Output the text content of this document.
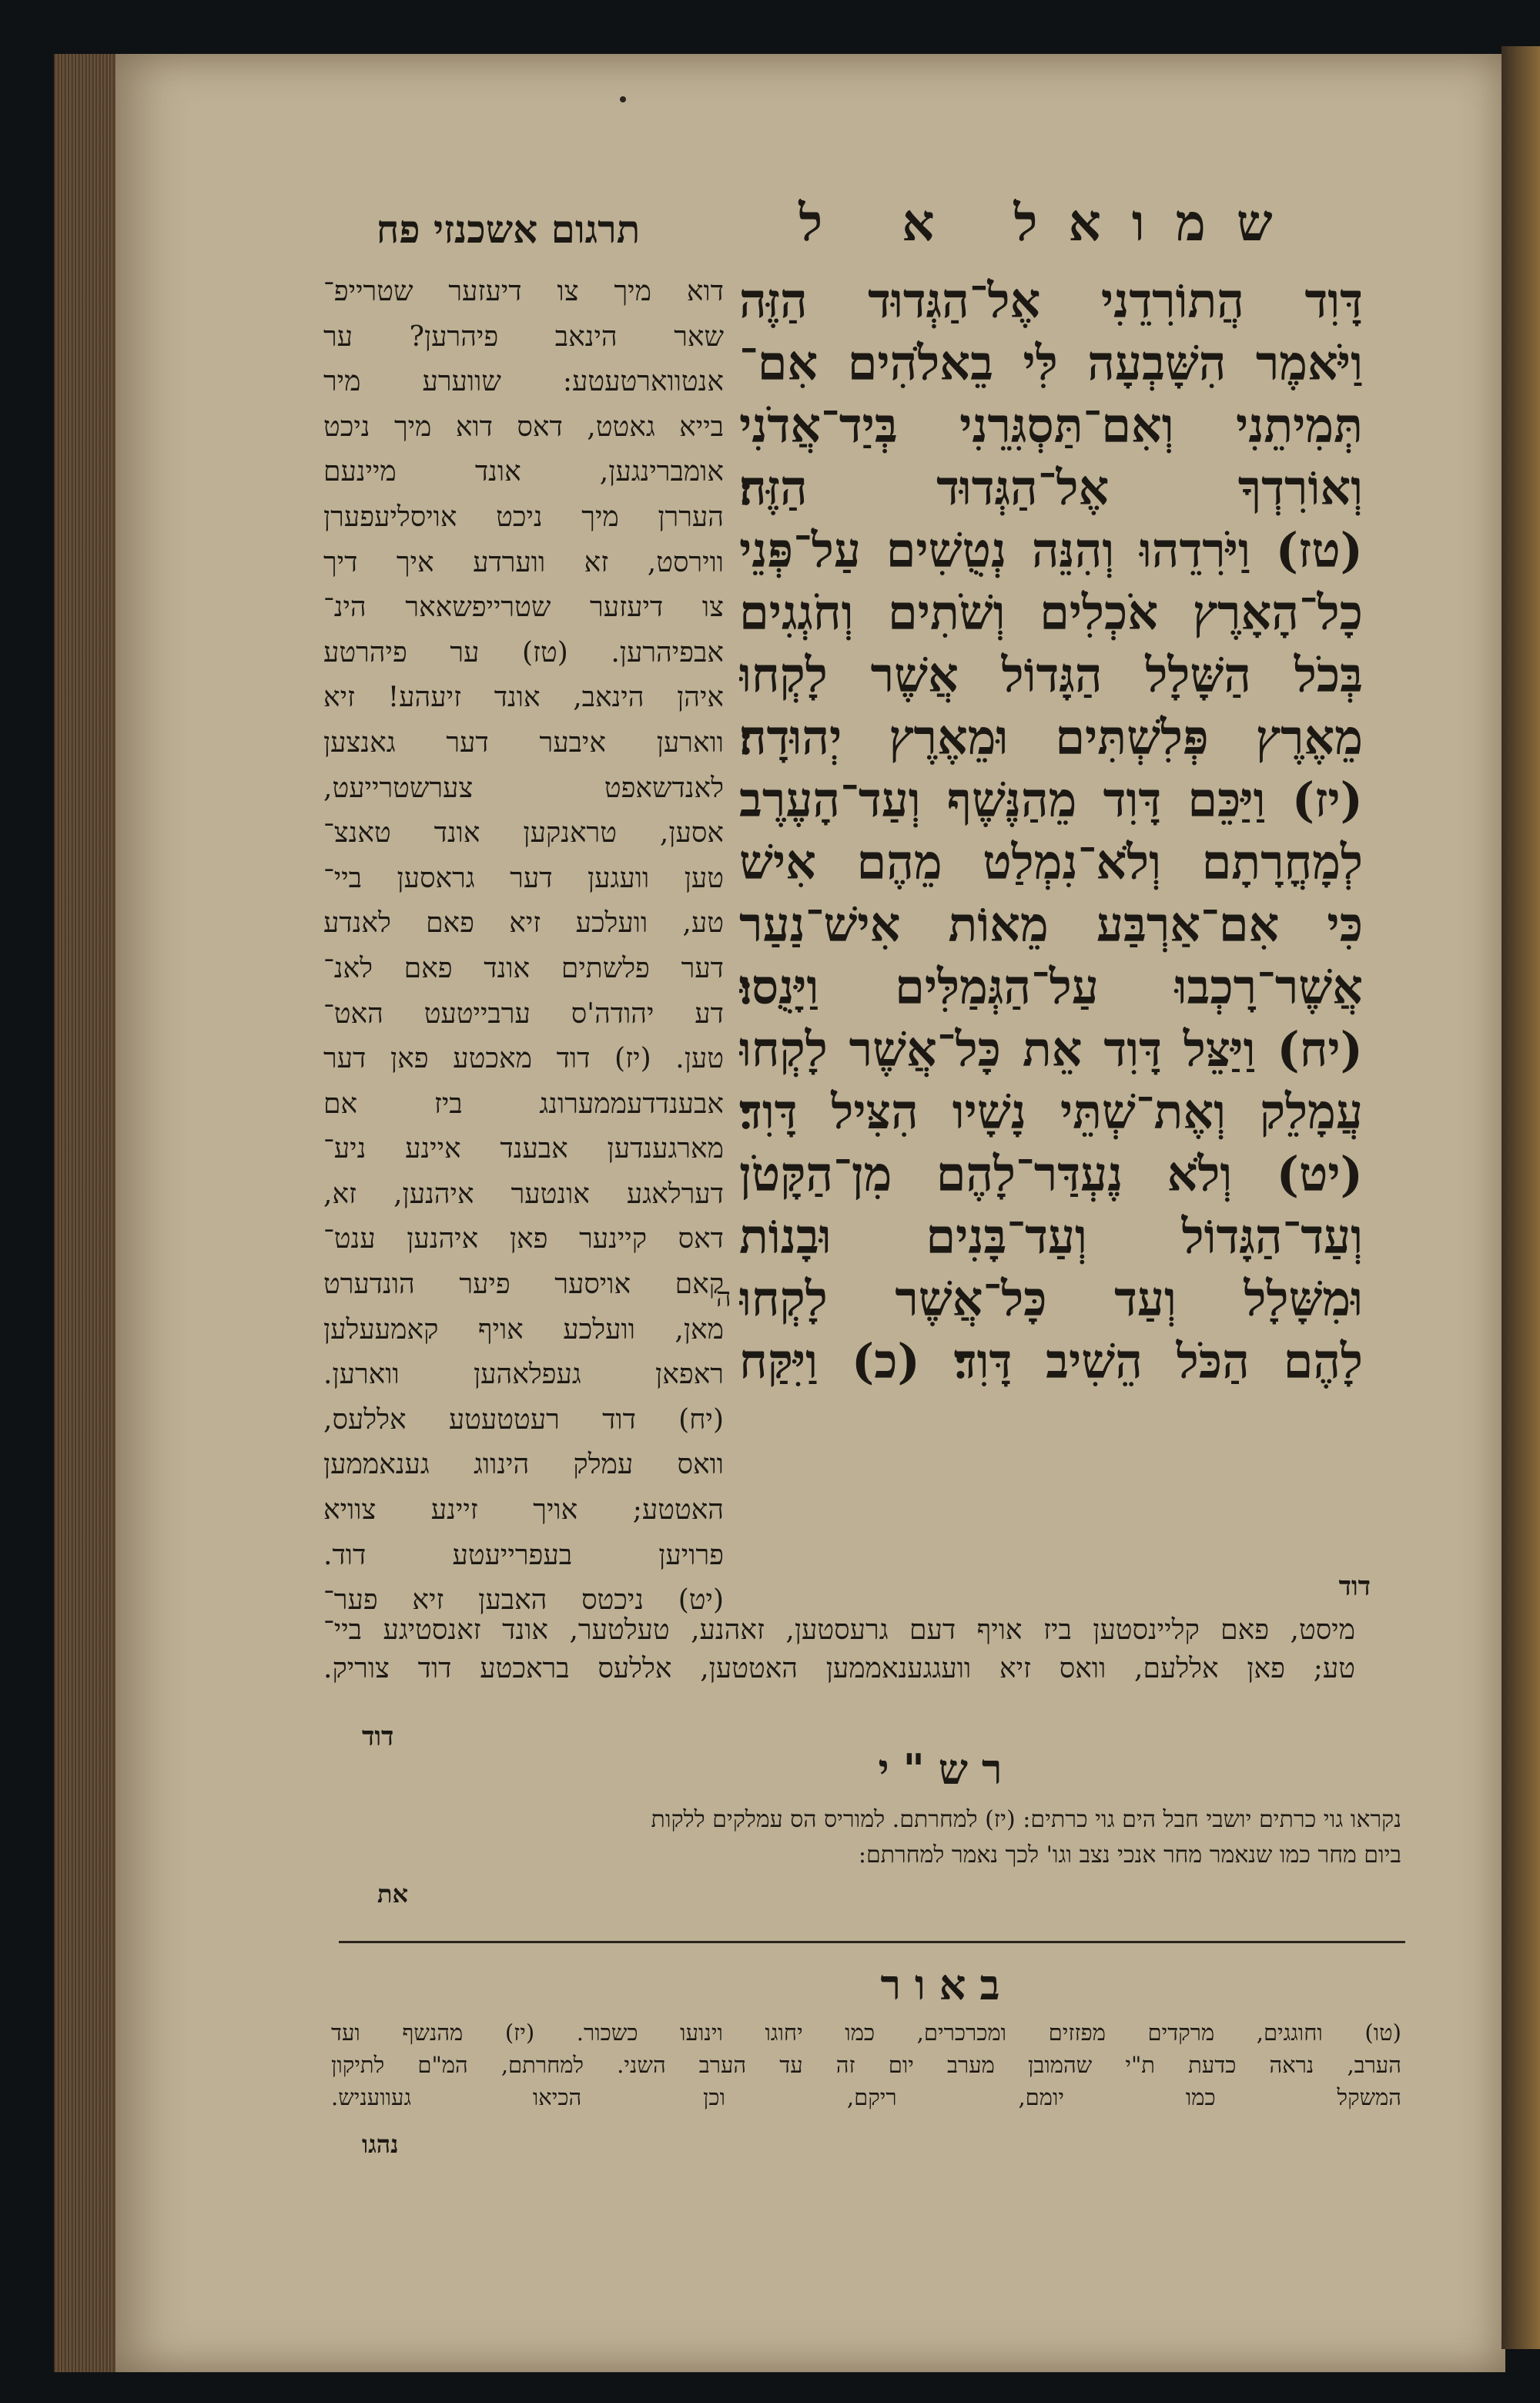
שמואל א ל
תרגום אשכנזי פח
דָּוִד הֲתוֹרִדֵנִי אֶל־הַגְּדוּד הַזֶּה
וַיֹּאמֶר הִשָּׁבְעָה לִּי בֵאלֹהִים אִם־
תְּמִיתֵנִי וְאִם־תַּסְגִּרֵנִי בְּיַד־אֲדֹנִי
וְאוֹרִדְךָ אֶל־הַגְּדוּד הַזֶּה׃
(טז) וַיֹּרִדֵהוּ וְהִנֵּה נְטֻשִׁים עַל־פְּנֵי
כָל־הָאָרֶץ אֹכְלִים וְשֹׁתִים וְחֹגְגִים
בְּכֹל הַשָּׁלָל הַגָּדוֹל אֲשֶׁר לָקְחוּ
מֵאֶרֶץ פְּלִשְׁתִּים וּמֵאֶרֶץ יְהוּדָה׃
(יז) וַיַּכֵּם דָּוִד מֵהַנֶּשֶׁף וְעַד־הָעֶרֶב
לְמָחֳרָתָם וְלֹא־נִמְלַט מֵהֶם אִישׁ
כִּי אִם־אַרְבַּע מֵאוֹת אִישׁ־נַעַר
אֲשֶׁר־רָכְבוּ עַל־הַגְּמַלִּים וַיָּנֻסוּ׃
(יח) וַיַּצֵּל דָּוִד אֵת כָּל־אֲשֶׁר לָקְחוּ
עֲמָלֵק וְאֶת־שְׁתֵּי נָשָׁיו הִצִּיל דָּוִד׃
(יט) וְלֹא נֶעְדַּר־לָהֶם מִן־הַקָּטֹן
וְעַד־הַגָּדוֹל וְעַד־בָּנִים וּבָנוֹת
וּמִשָּׁלָל וְעַד כָּל־אֲשֶׁר לָקְחוּ
לָהֶם הַכֹּל הֵשִׁיב דָּוִד׃ (כ) וַיִּקַּח
דוד
דוא מיך צו דיעזער שטרייפ־
שאר הינאב פיהרען? ער
אנטווארטעטע: שווערע מיר
בייא גאטט, דאס דוא מיך ניכט
אומברינגען, אונד מיינעם
העררן מיך ניכט אויסליעפערן
ווירסט, זא ווערדע איך דיך
צו דיעזער שטרייפשאאר הינ־
אבפיהרען. (טז) ער פיהרטע
איהן הינאב, אונד זיעהע! זיא
ווארען איבער דער גאנצען
לאנדשאפט צערשטרייעט,
אסען, טראנקען אונד טאנצ־
טען וועגען דער גראסען ביי־
טע, וועלכע זיא פאם לאנדע
דער פלשתים אונד פאם לאנ־
דע יהודה'ס ערבייטעט האט־
טען. (יז) דוד מאכטע פאן דער
אבענדדעממערונג ביז אם
מארגענדען אבענד איינע ניע־
דערלאגע אונטער איהנען, זא,
דאס קיינער פאן איהנען ענט־
קאם אויסער פיער הונדערט
מאן, וועלכע אויף קאמעעלען
ראפאן געפלאהען ווארען.
(יח) דוד רעטטעטע אללעס,
וואס עמלק הינווג גענאממען
האטטע; אויך זיינע צוויא
פרויען בעפרייעטע דוד.
(יט) ניכטס האבען זיא פער־
ה
מיסט, פאם קליינסטען ביז אויף דעם גרעסטען, זאהנע, טעלטער, אונד זאנסטיגע ביי־
טע; פאן אללעם, וואס זיא וועגגענאממען האטטען, אללעס בראכטע דוד צוריק.
דוד
רש"י
נקראו גוי כרתים יושבי חבל הים גוי כרתים: (יז) למחרתם. למוריס הס עמלקים ללקות
ביום מחר כמו שנאמר מחר אנכי נצב וגו' לכך נאמר למחרתם:
את
באור
(טו) וחוגגים, מרקדים מפזזים ומכרכרים, כמו יחוגו וינועו כשכור. (יז) מהנשף ועד
הערב, נראה כדעת ת"י שהמובן מערב יום זה עד הערב השני. למחרתם, המ"ם לתיקון
המשקל כמו יומם, ריקם, וכן הכיאו געוועניש.
נהגו
